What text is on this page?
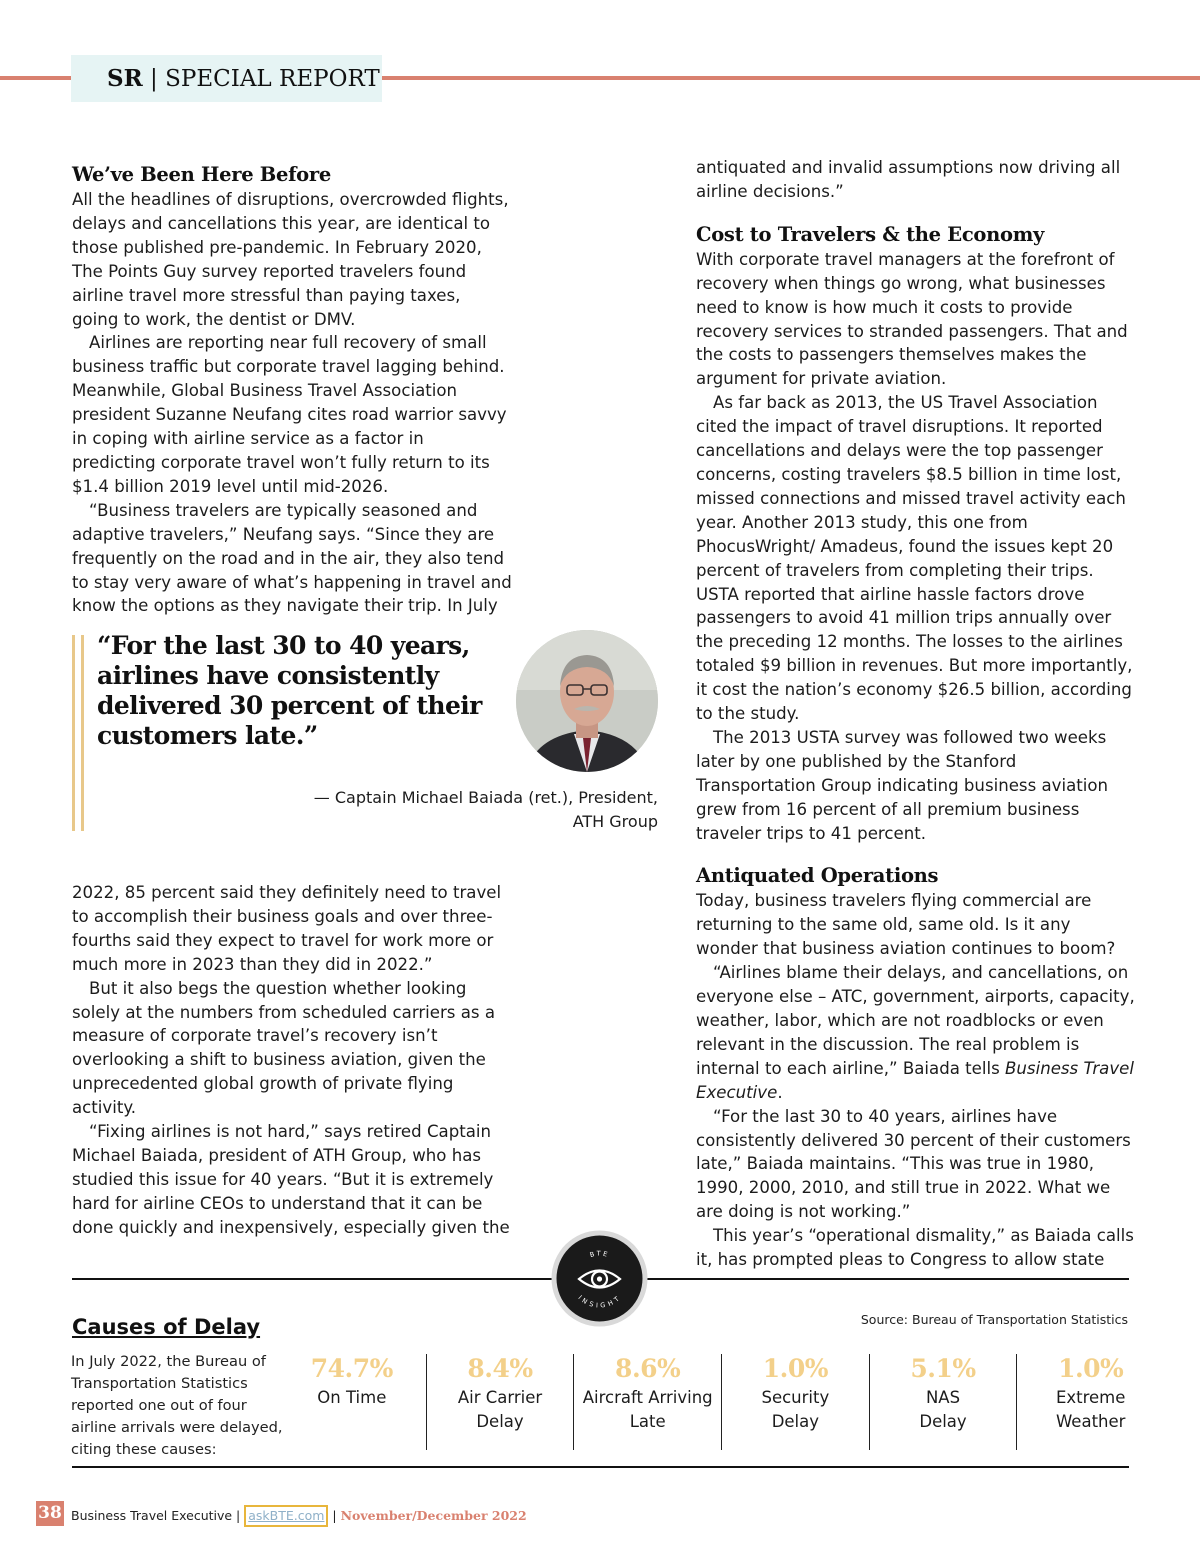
SR | SPECIAL REPORT
We’ve Been Here Before

All the headlines of disruptions, overcrowded flights, delays and cancellations this year, are identical to those published pre-pandemic. In February 2020, The Points Guy survey reported travelers found airline travel more stressful than paying taxes, going to work, the dentist or DMV.

Airlines are reporting near full recovery of small business traffic but corporate travel lagging behind. Meanwhile, Global Business Travel Association president Suzanne Neufang cites road warrior savvy in coping with airline service as a factor in predicting corporate travel won’t fully return to its $1.4 billion 2019 level until mid-2026.

“Business travelers are typically seasoned and adaptive travelers,” Neufang says. “Since they are frequently on the road and in the air, they also tend to stay very aware of what’s happening in travel and know the options as they navigate their trip. In July

“For the last 30 to 40 years, airlines have consistently delivered 30 percent of their customers late.”
— Captain Michael Baiada (ret.), President,
ATH Group

2022, 85 percent said they definitely need to travel to accomplish their business goals and over three-fourths said they expect to travel for work more or much more in 2023 than they did in 2022.”

But it also begs the question whether looking solely at the numbers from scheduled carriers as a measure of corporate travel’s recovery isn’t overlooking a shift to business aviation, given the unprecedented global growth of private flying activity.

“Fixing airlines is not hard,” says retired Captain Michael Baiada, president of ATH Group, who has studied this issue for 40 years. “But it is extremely hard for airline CEOs to understand that it can be done quickly and inexpensively, especially given the

antiquated and invalid assumptions now driving all airline decisions.”

Cost to Travelers & the Economy

With corporate travel managers at the forefront of recovery when things go wrong, what businesses need to know is how much it costs to provide recovery services to stranded passengers. That and the costs to passengers themselves makes the argument for private aviation.

As far back as 2013, the US Travel Association cited the impact of travel disruptions. It reported cancellations and delays were the top passenger concerns, costing travelers $8.5 billion in time lost, missed connections and missed travel activity each year. Another 2013 study, this one from PhocusWright/ Amadeus, found the issues kept 20 percent of travelers from completing their trips. USTA reported that airline hassle factors drove passengers to avoid 41 million trips annually over the preceding 12 months. The losses to the airlines totaled $9 billion in revenues. But more importantly, it cost the nation’s economy $26.5 billion, according to the study.

The 2013 USTA survey was followed two weeks later by one published by the Stanford Transportation Group indicating business aviation grew from 16 percent of all premium business traveler trips to 41 percent.

Antiquated Operations

Today, business travelers flying commercial are returning to the same old, same old. Is it any wonder that business aviation continues to boom?

“Airlines blame their delays, and cancellations, on everyone else – ATC, government, airports, capacity, weather, labor, which are not roadblocks or even relevant in the discussion. The real problem is internal to each airline,” Baiada tells Business Travel Executive.

“For the last 30 to 40 years, airlines have consistently delivered 30 percent of their customers late,” Baiada maintains. “This was true in 1980, 1990, 2000, 2010, and still true in 2022. What we are doing is not working.”

This year’s “operational dismality,” as Baiada calls it, has prompted pleas to Congress to allow state

BTE
INSIGHT
Causes of Delay	Source: Bureau of Transportation Statistics
In July 2022, the Bureau of Transportation Statistics reported one out of four airline arrivals were delayed, citing these causes:
74.7%
On Time
8.4%
Air Carrier
Delay
8.6%
Aircraft Arriving
Late
1.0%
Security
Delay
5.1%
NAS
Delay
1.0%
Extreme
Weather
38 Business Travel Executive | askBTE.com | November/December 2022
